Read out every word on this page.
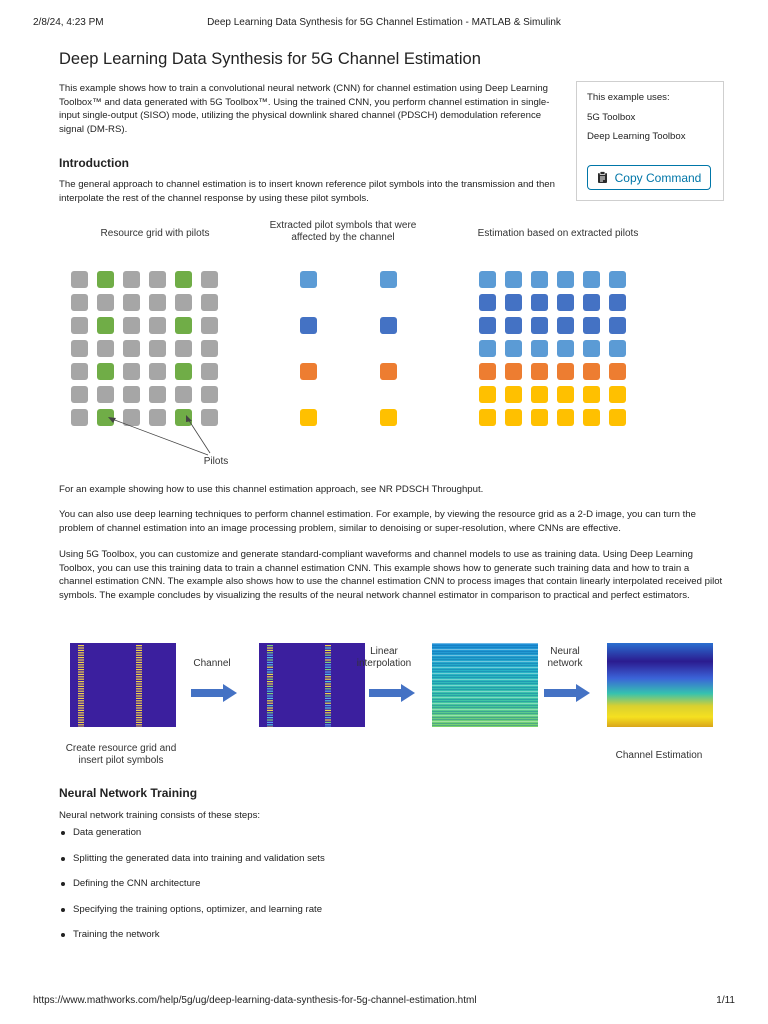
2/8/24, 4:23 PM	Deep Learning Data Synthesis for 5G Channel Estimation - MATLAB & Simulink
Deep Learning Data Synthesis for 5G Channel Estimation

This example shows how to train a convolutional neural network (CNN) for channel estimation using Deep Learning Toolbox™ and data generated with 5G Toolbox™. Using the trained CNN, you perform channel estimation in single-input single-output (SISO) mode, utilizing the physical downlink shared channel (PDSCH) demodulation reference signal (DM-RS).

This example uses:
5G Toolbox
Deep Learning Toolbox
Copy Command
Introduction

The general approach to channel estimation is to insert known reference pilot symbols into the transmission and then interpolate the rest of the channel response by using these pilot symbols.

Resource grid with pilots
Extracted pilot symbols that were affected by the channel	Estimation based on extracted pilots
Pilots

For an example showing how to use this channel estimation approach, see NR PDSCH Throughput.

You can also use deep learning techniques to perform channel estimation. For example, by viewing the resource grid as a 2-D image, you can turn the problem of channel estimation into an image processing problem, similar to denoising or super-resolution, where CNNs are effective.

Using 5G Toolbox, you can customize and generate standard-compliant waveforms and channel models to use as training data. Using Deep Learning Toolbox, you can use this training data to train a channel estimation CNN. This example shows how to generate such training data and how to train a channel estimation CNN. The example also shows how to use the channel estimation CNN to process images that contain linearly interpolated received pilot symbols. The example concludes by visualizing the results of the neural network channel estimator in comparison to practical and perfect estimators.

Channel
Linear interpolation
Neural network
Create resource grid and insert pilot symbols	Channel Estimation
Neural Network Training

Neural network training consists of these steps:

Data generation
Splitting the generated data into training and validation sets
Defining the CNN architecture
Specifying the training options, optimizer, and learning rate
Training the network
https://www.mathworks.com/help/5g/ug/deep-learning-data-synthesis-for-5g-channel-estimation.html	1/11
